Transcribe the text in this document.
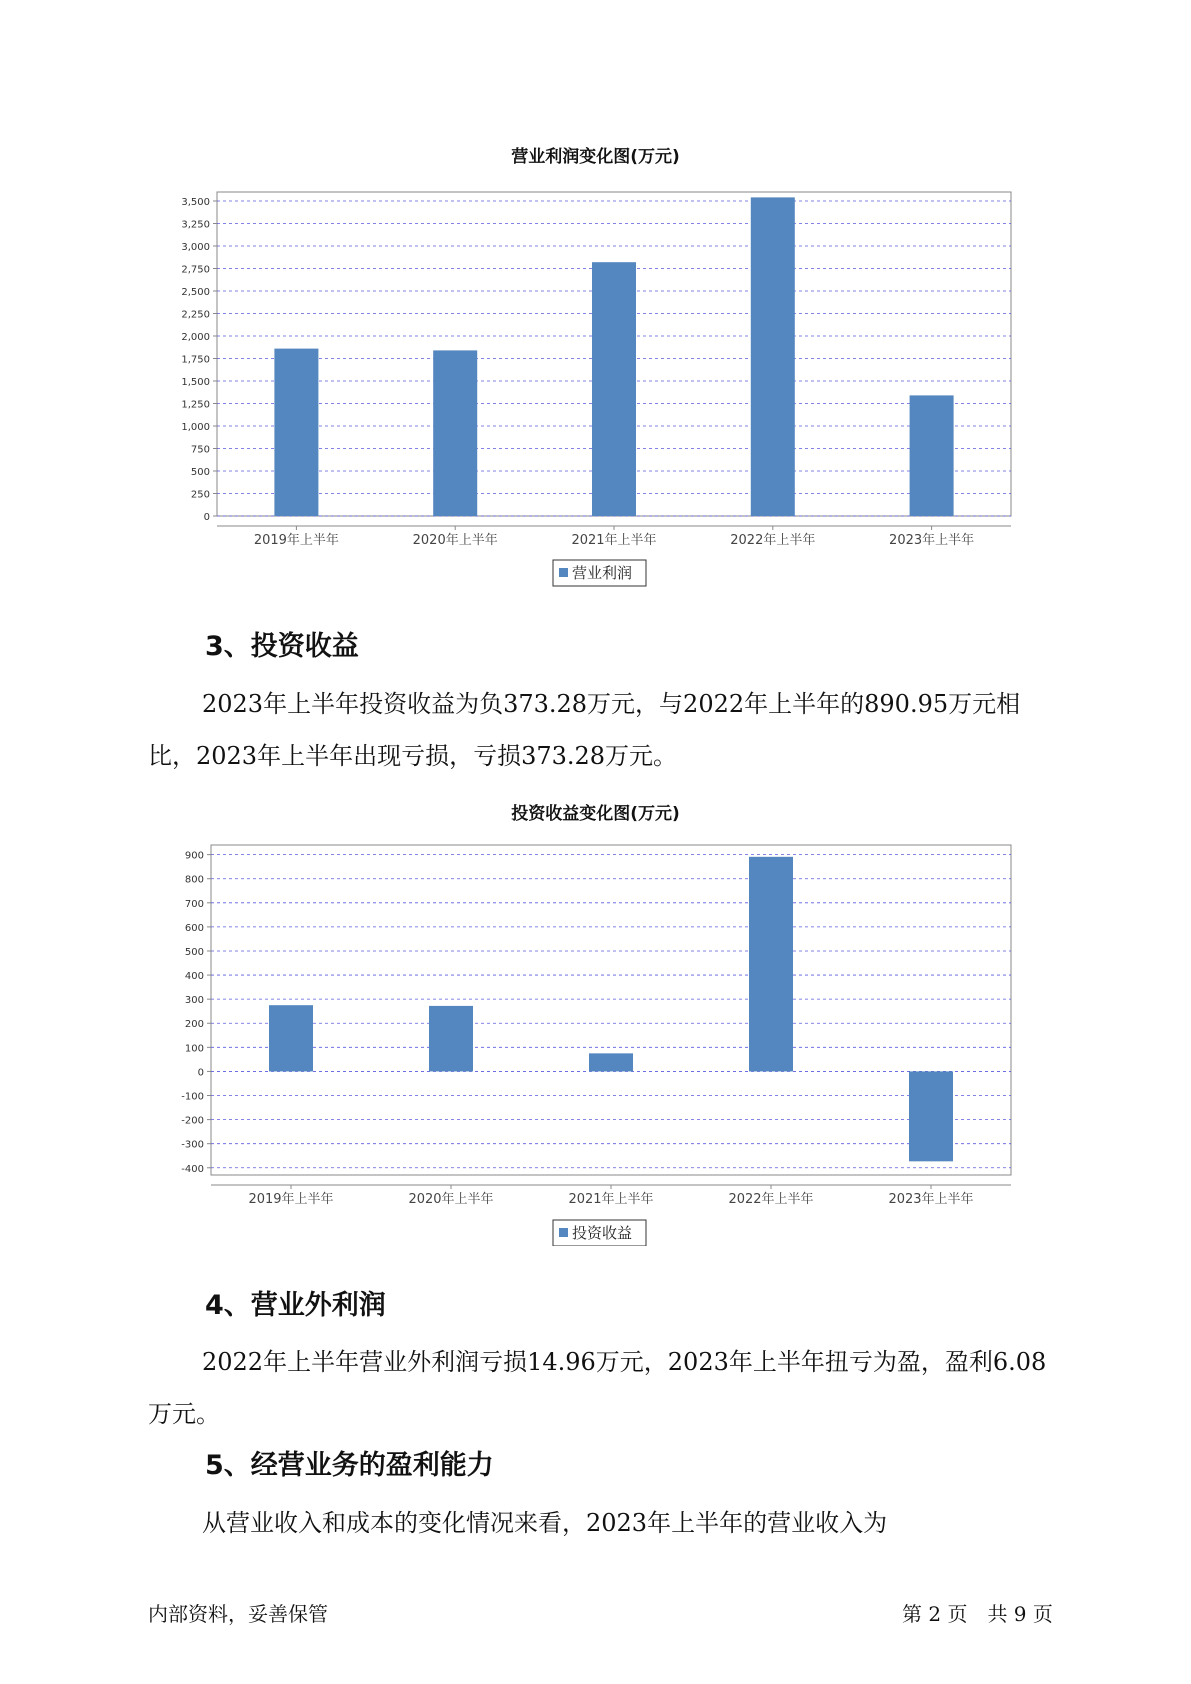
营业利润变化图(万元)
0
250
500
750
1,000
1,250
1,500
1,750
2,000
2,250
2,500
2,750
3,000
3,250
3,500
2019年上半年	2020年上半年	2021年上半年	2022年上半年	2023年上半年
营业利润
3、投资收益
2023年上半年投资收益为负373.28万元，与2022年上半年的890.95万元相比，2023年上半年出现亏损，亏损373.28万元。
投资收益变化图(万元)
-400
-300
-200
-100
0
100
200
300
400
500
600
700
800
900
2019年上半年	2020年上半年	2021年上半年	2022年上半年	2023年上半年
投资收益
4、营业外利润
2022年上半年营业外利润亏损14.96万元，2023年上半年扭亏为盈，盈利6.08万元。
5、经营业务的盈利能力
从营业收入和成本的变化情况来看，2023年上半年的营业收入为
内部资料，妥善保管	第 2 页　共 9 页
